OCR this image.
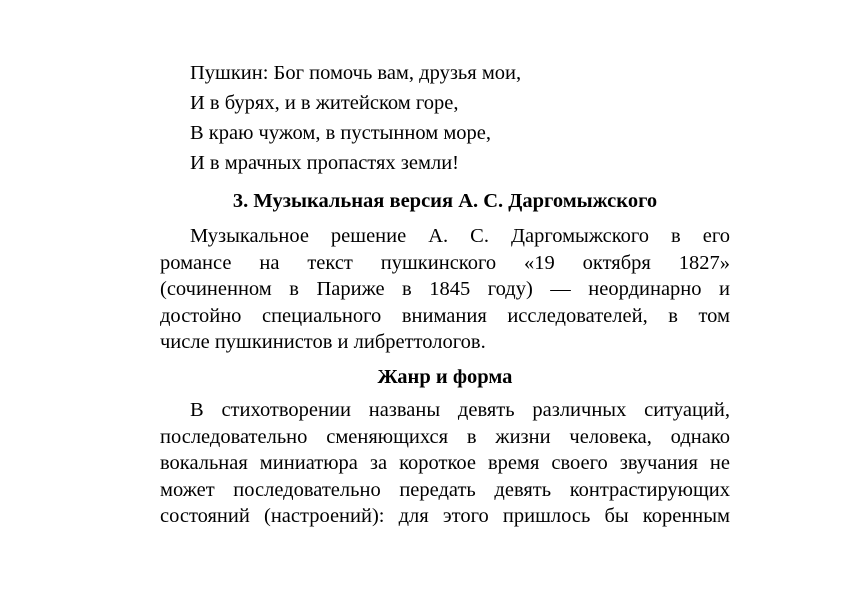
Пушкин: Бог помочь вам, друзья мои,
И в бурях, и в житейском горе,
В краю чужом, в пустынном море,
И в мрачных пропастях земли!
3. Музыкальная версия А. С. Даргомыжского
Музыкальное решение А. С. Даргомыжского в его
романсе на текст пушкинского «19 октября 1827»
(сочиненном в Париже в 1845 году) — неординарно и
достойно специального внимания исследователей, в том
числе пушкинистов и либреттологов.
Жанр и форма
В стихотворении названы девять различных ситуаций,
последовательно сменяющихся в жизни человека, однако
вокальная миниатюра за короткое время своего звучания не
может последовательно передать девять контрастирующих
состояний (настроений): для этого пришлось бы коренным
